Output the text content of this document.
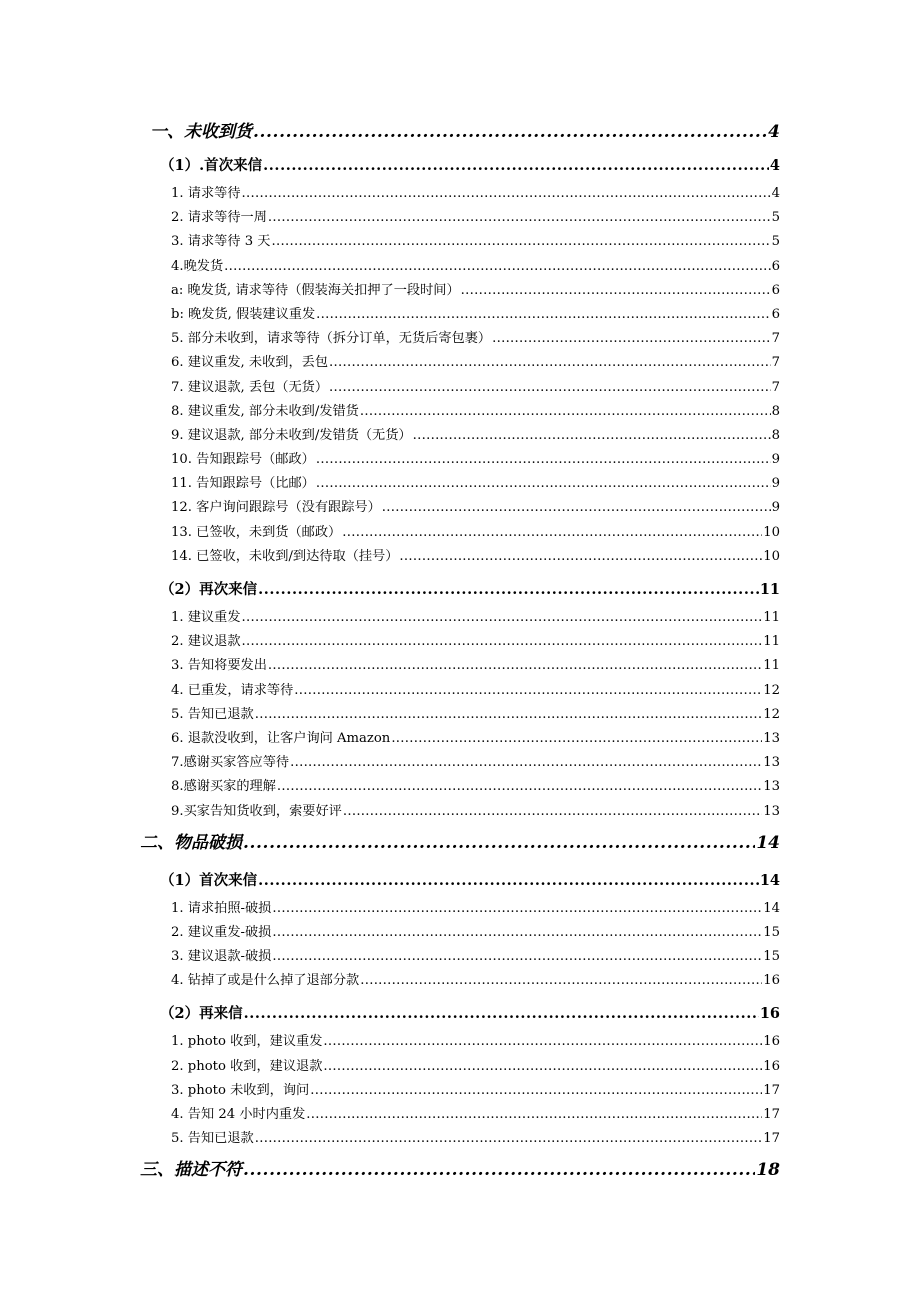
一、未收到货 .....	4
（1）.首次来信 .....	4
1. 请求等待 .....	4
2. 请求等待一周 .....	5
3. 请求等待 3 天 .....	5
4.晚发货 .....	6
a: 晚发货, 请求等待（假装海关扣押了一段时间） .....	6
b: 晚发货, 假装建议重发 .....	6
5. 部分未收到，请求等待（拆分订单，无货后寄包裹） .....	7
6. 建议重发, 未收到，丢包 .....	7
7. 建议退款, 丢包（无货） .....	7
8. 建议重发, 部分未收到/发错货 .....	8
9. 建议退款, 部分未收到/发错货（无货） .....	8
10. 告知跟踪号（邮政） .....	9
11. 告知跟踪号（比邮） .....	9
12. 客户询问跟踪号（没有跟踪号） .....	9
13. 已签收，未到货（邮政） .....	10
14. 已签收，未收到/到达待取（挂号） .....	10
（2）再次来信 .....	11
1. 建议重发 .....	11
2. 建议退款 .....	11
3. 告知将要发出 .....	11
4. 已重发，请求等待 .....	12
5. 告知已退款 .....	12
6. 退款没收到，让客户询问 Amazon .....	13
7.感谢买家答应等待 .....	13
8.感谢买家的理解 .....	13
9.买家告知货收到，索要好评 .....	13
二、物品破损 .....	14
（1）首次来信 .....	14
1. 请求拍照-破损 .....	14
2. 建议重发-破损 .....	15
3. 建议退款-破损 .....	15
4. 钻掉了或是什么掉了退部分款 .....	16
（2）再来信 .....	16
1. photo 收到，建议重发 .....	16
2. photo 收到，建议退款 .....	16
3. photo 未收到，询问 .....	17
4. 告知 24 小时内重发 .....	17
5. 告知已退款 .....	17
三、描述不符 .....	18
